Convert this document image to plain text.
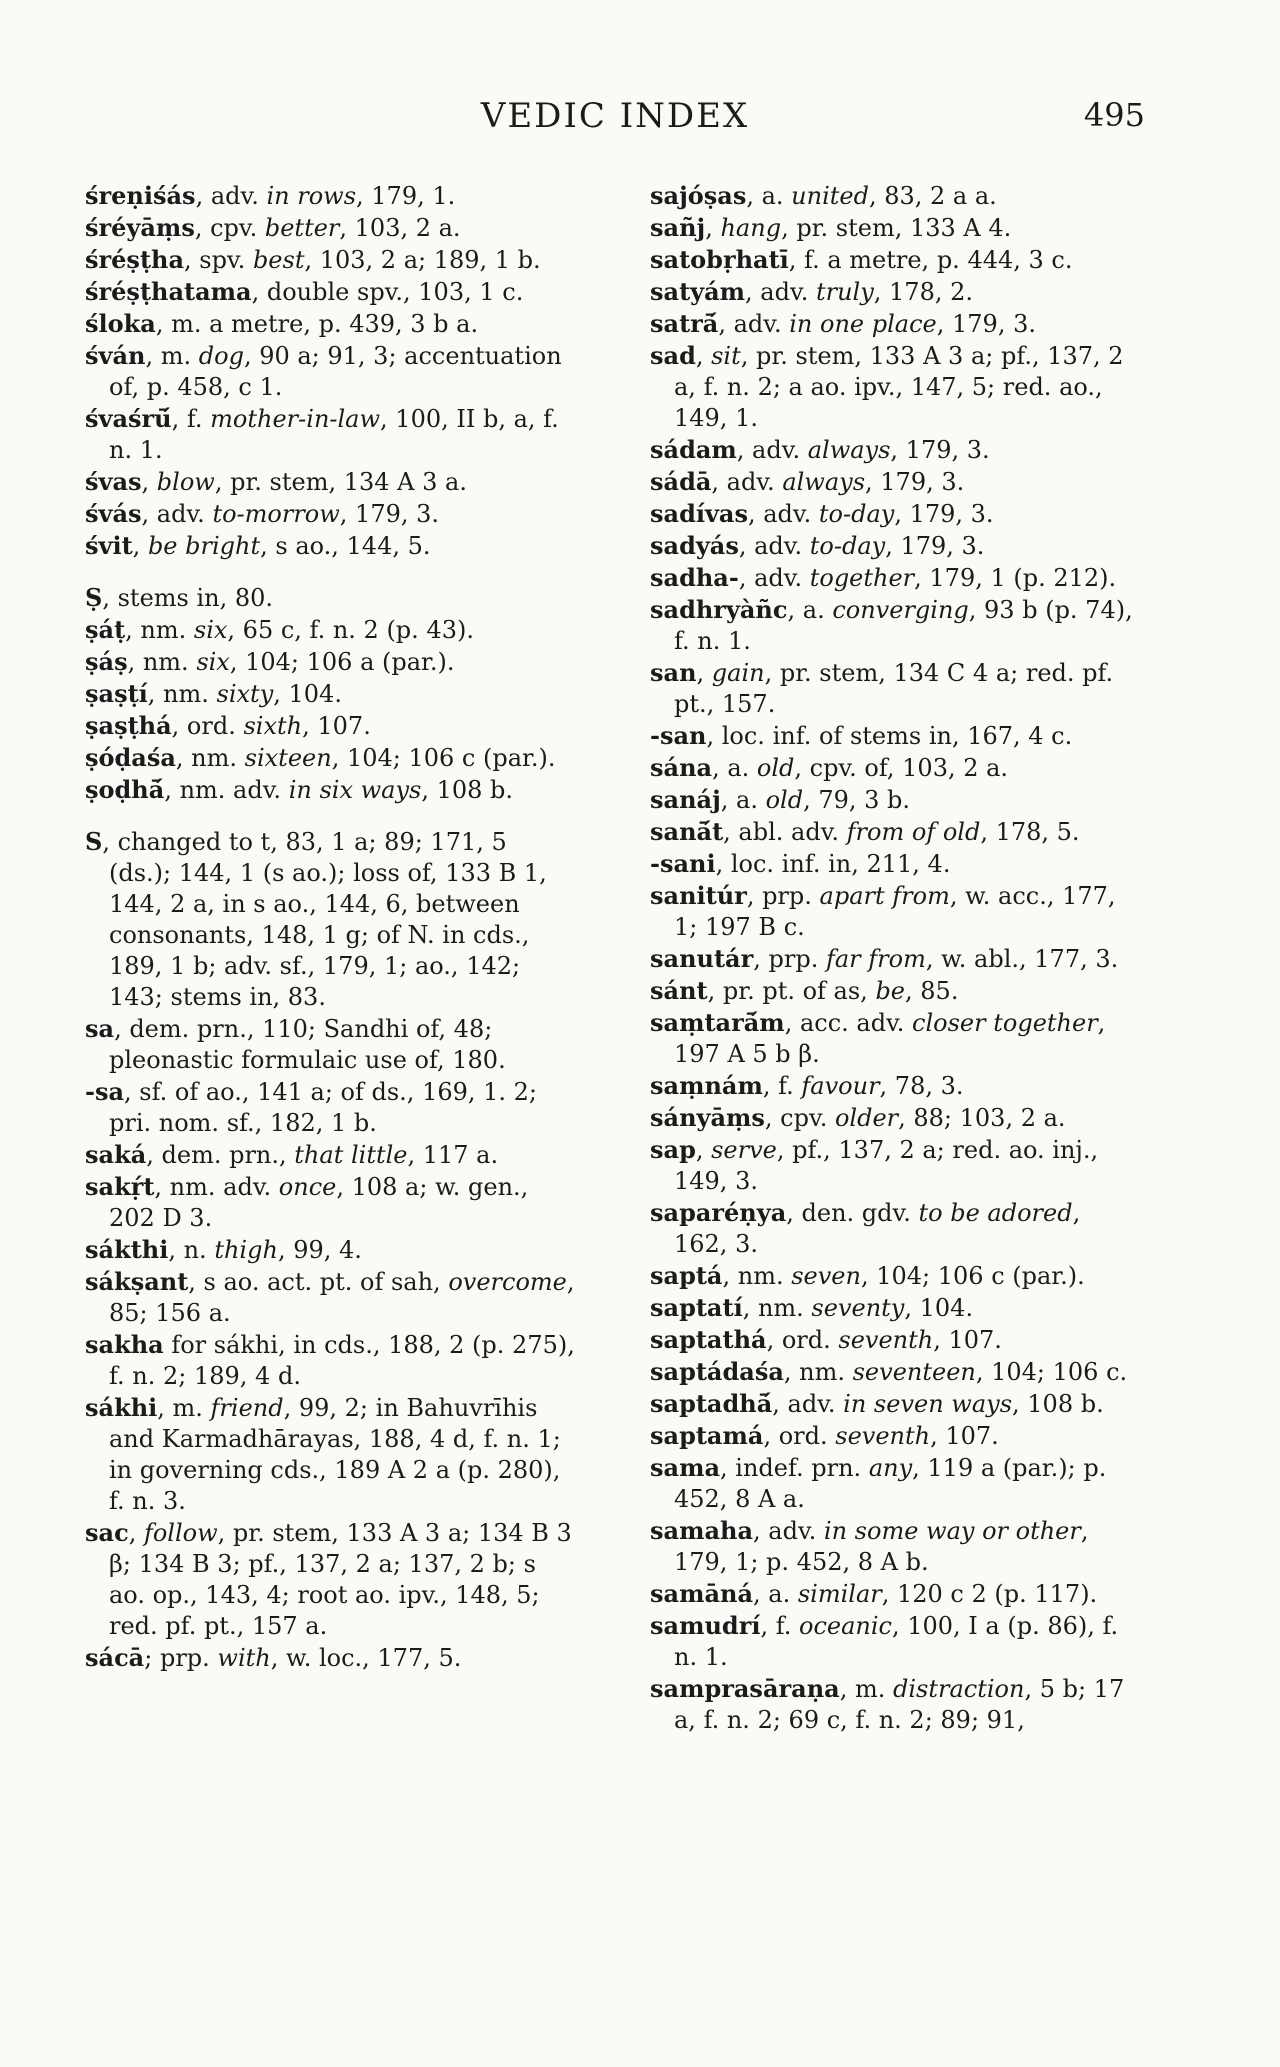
VEDIC INDEX	495

śreṇiśás, adv. in rows, 179, 1.

śréyāṃs, cpv. better, 103, 2 a.

śréṣṭha, spv. best, 103, 2 a; 189, 1 b.

śréṣṭhatama, double spv., 103, 1 c.

śloka, m. a metre, p. 439, 3 b a.

śván, m. dog, 90 a; 91, 3; accentuation of, p. 458, c 1.

śvaśrū́, f. mother-in-law, 100, II b, a, f. n. 1.

śvas, blow, pr. stem, 134 A 3 a.

śvás, adv. to-morrow, 179, 3.

śvit, be bright, s ao., 144, 5.

Ṣ, stems in, 80.

ṣáṭ, nm. six, 65 c, f. n. 2 (p. 43).

ṣáṣ, nm. six, 104; 106 a (par.).

ṣaṣṭí, nm. sixty, 104.

ṣaṣṭhá, ord. sixth, 107.

ṣóḍaśa, nm. sixteen, 104; 106 c (par.).

ṣoḍhā́, nm. adv. in six ways, 108 b.

S, changed to t, 83, 1 a; 89; 171, 5 (ds.); 144, 1 (s ao.); loss of, 133 B 1, 144, 2 a, in s ao., 144, 6, between consonants, 148, 1 g; of N. in cds., 189, 1 b; adv. sf., 179, 1; ao., 142; 143; stems in, 83.

sa, dem. prn., 110; Sandhi of, 48; pleonastic formulaic use of, 180.

-sa, sf. of ao., 141 a; of ds., 169, 1. 2; pri. nom. sf., 182, 1 b.

saká, dem. prn., that little, 117 a.

sakṛ́t, nm. adv. once, 108 a; w. gen., 202 D 3.

sákthi, n. thigh, 99, 4.

sákṣant, s ao. act. pt. of sah, overcome, 85; 156 a.

sakha for sákhi, in cds., 188, 2 (p. 275), f. n. 2; 189, 4 d.

sákhi, m. friend, 99, 2; in Bahuvrīhis and Karmadhārayas, 188, 4 d, f. n. 1; in governing cds., 189 A 2 a (p. 280), f. n. 3.

sac, follow, pr. stem, 133 A 3 a; 134 B 3 β; 134 B 3; pf., 137, 2 a; 137, 2 b; s ao. op., 143, 4; root ao. ipv., 148, 5; red. pf. pt., 157 a.

sácā; prp. with, w. loc., 177, 5.

sajóṣas, a. united, 83, 2 a a.

sañj, hang, pr. stem, 133 A 4.

satobṛhatī, f. a metre, p. 444, 3 c.

satyám, adv. truly, 178, 2.

satrā́, adv. in one place, 179, 3.

sad, sit, pr. stem, 133 A 3 a; pf., 137, 2 a, f. n. 2; a ao. ipv., 147, 5; red. ao., 149, 1.

sádam, adv. always, 179, 3.

sádā, adv. always, 179, 3.

sadívas, adv. to-day, 179, 3.

sadyás, adv. to-day, 179, 3.

sadha-, adv. together, 179, 1 (p. 212).

sadhryàñc, a. converging, 93 b (p. 74), f. n. 1.

san, gain, pr. stem, 134 C 4 a; red. pf. pt., 157.

-san, loc. inf. of stems in, 167, 4 c.

sána, a. old, cpv. of, 103, 2 a.

sanáj, a. old, 79, 3 b.

sanā́t, abl. adv. from of old, 178, 5.

-sani, loc. inf. in, 211, 4.

sanitúr, prp. apart from, w. acc., 177, 1; 197 B c.

sanutár, prp. far from, w. abl., 177, 3.

sánt, pr. pt. of as, be, 85.

saṃtarā́m, acc. adv. closer together, 197 A 5 b β.

saṃnám, f. favour, 78, 3.

sányāṃs, cpv. older, 88; 103, 2 a.

sap, serve, pf., 137, 2 a; red. ao. inj., 149, 3.

saparéṇya, den. gdv. to be adored, 162, 3.

saptá, nm. seven, 104; 106 c (par.).

saptatí, nm. seventy, 104.

saptathá, ord. seventh, 107.

saptádaśa, nm. seventeen, 104; 106 c.

saptadhā́, adv. in seven ways, 108 b.

saptamá, ord. seventh, 107.

sama, indef. prn. any, 119 a (par.); p. 452, 8 A a.

samaha, adv. in some way or other, 179, 1; p. 452, 8 A b.

samāná, a. similar, 120 c 2 (p. 117).

samudrí, f. oceanic, 100, I a (p. 86), f. n. 1.

samprasāraṇa, m. distraction, 5 b; 17 a, f. n. 2; 69 c, f. n. 2; 89; 91,
